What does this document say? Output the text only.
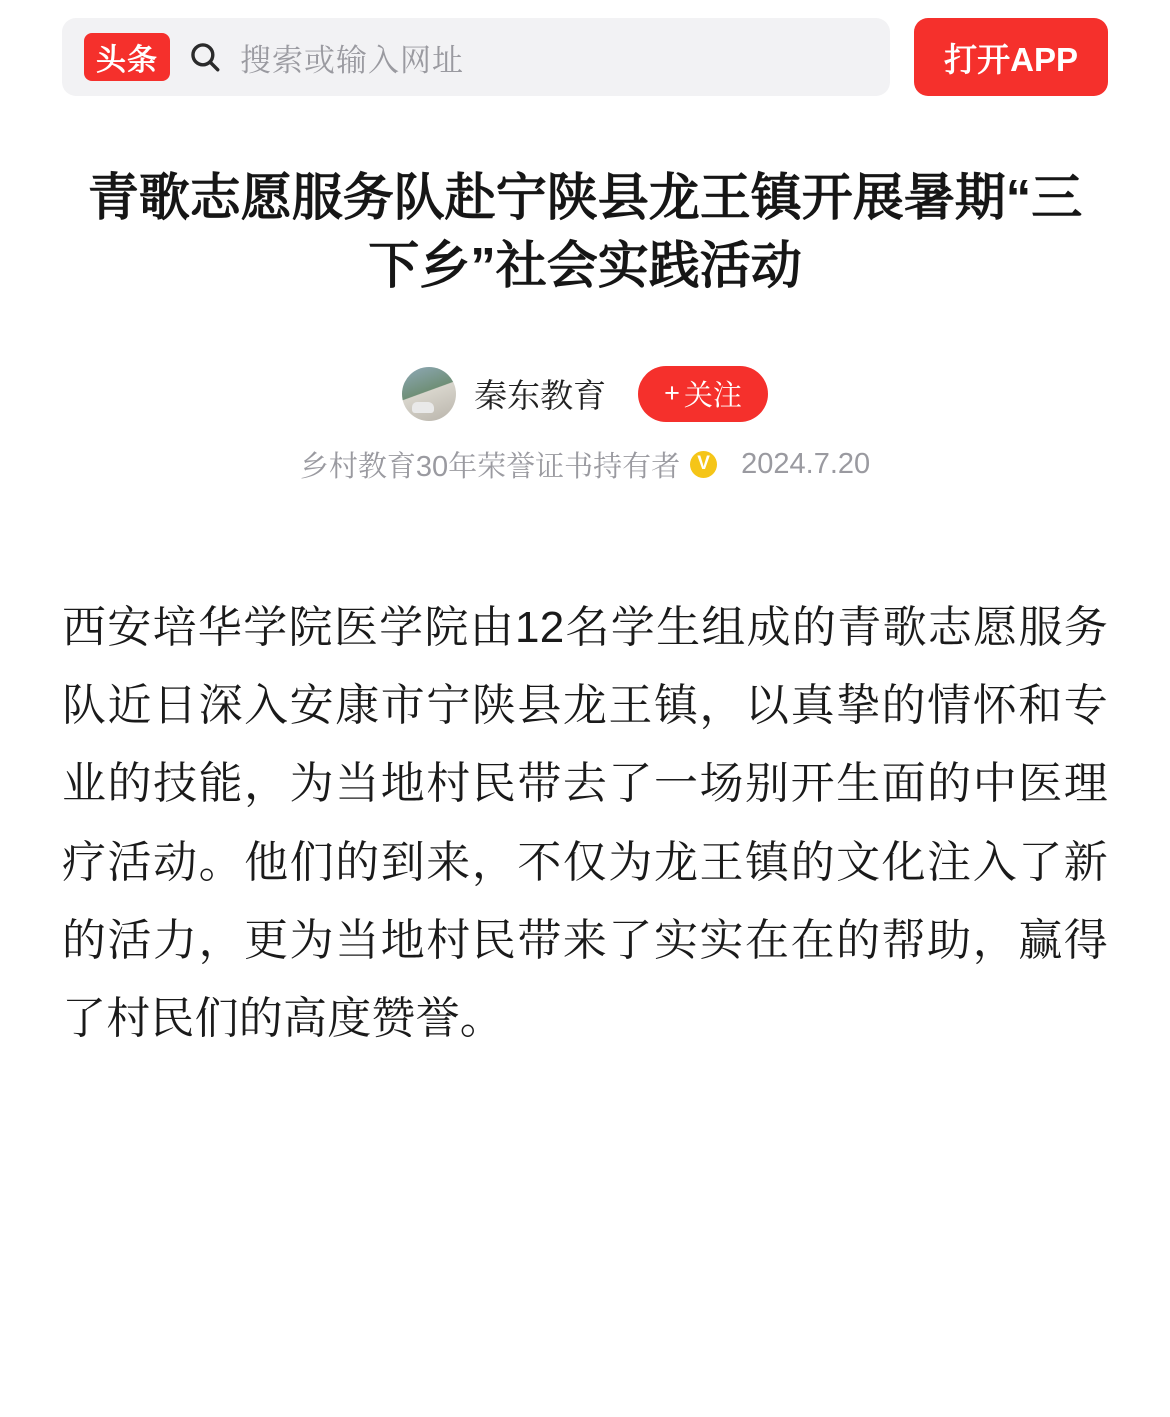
头条	搜索或输入网址	打开APP
青歌志愿服务队赴宁陕县龙王镇开展暑期“三下乡”社会实践活动
秦东教育 + 关注
乡村教育30年荣誉证书持有者 V 2024.7.20

西安培华学院医学院由12名学生组成的青歌志愿服务队近日深入安康市宁陕县龙王镇，以真挚的情怀和专业的技能，为当地村民带去了一场别开生面的中医理疗活动。他们的到来，不仅为龙王镇的文化注入了新的活力，更为当地村民带来了实实在在的帮助，赢得了村民们的高度赞誉。
